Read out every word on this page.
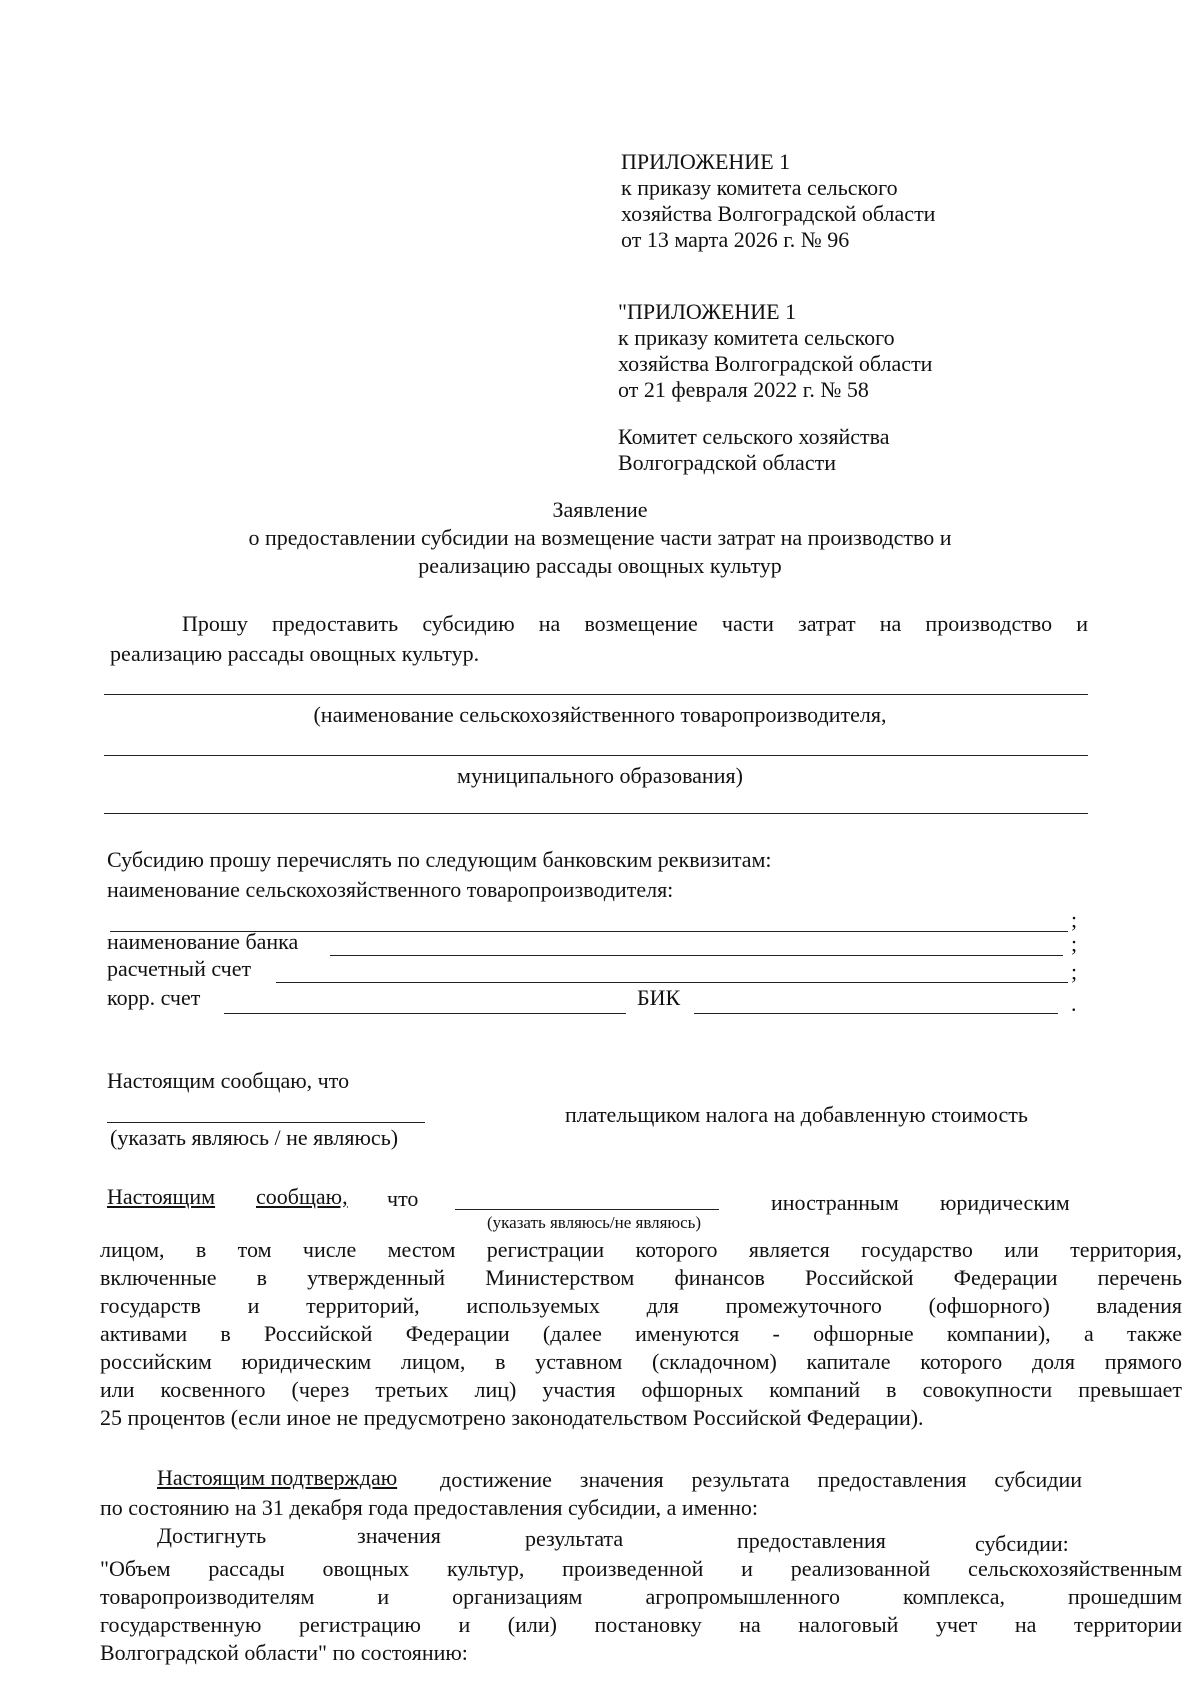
ПРИЛОЖЕНИЕ 1
к приказу комитета сельского
хозяйства Волгоградской области
от 13 марта 2026 г. № 96
"ПРИЛОЖЕНИЕ 1
к приказу комитета сельского
хозяйства Волгоградской области
от 21 февраля 2022 г. № 58
Комитет сельского хозяйства
Волгоградской области
Заявление
о предоставлении субсидии на возмещение части затрат на производство и
реализацию рассады овощных культур
Прошу предоставить субсидию на возмещение части затрат на производство и
реализацию рассады овощных культур.
(наименование сельскохозяйственного товаропроизводителя,
муниципального образования)
Субсидию прошу перечислять по следующим банковским реквизитам:
наименование сельскохозяйственного товаропроизводителя:
;
наименование банка	;
расчетный счет	;
корр. счет	БИК	.
Настоящим сообщаю, что
плательщиком налога на добавленную стоимость
(указать являюсь / не являюсь)
Настоящим сообщаю, что
(указать являюсь/не являюсь)
иностранным юридическим
лицом, в том числе местом регистрации которого является государство или территория,
включенные в утвержденный Министерством финансов Российской Федерации перечень
государств и территорий, используемых для промежуточного (офшорного) владения
активами в Российской Федерации (далее именуются - офшорные компании), а также
российским юридическим лицом, в уставном (складочном) капитале которого доля прямого
или косвенного (через третьих лиц) участия офшорных компаний в совокупности превышает
25 процентов (если иное не предусмотрено законодательством Российской Федерации).
Настоящим подтверждаю достижение значения результата предоставления субсидии
по состоянию на 31 декабря года предоставления субсидии, а именно:
Достигнуть	значения	результата	предоставления	субсидии:
"Объем рассады овощных культур, произведенной и реализованной сельскохозяйственным
товаропроизводителям и организациям агропромышленного комплекса, прошедшим
государственную регистрацию и (или) постановку на налоговый учет на территории
Волгоградской области" по состоянию:
